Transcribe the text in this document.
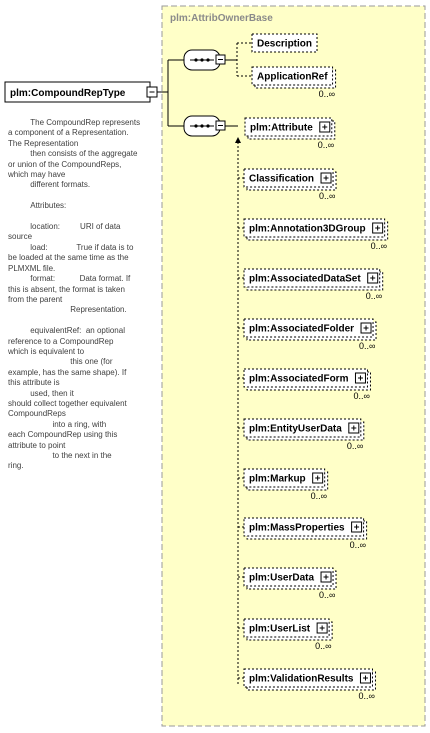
plm:AttribOwnerBase
plm:CompoundRepType
Description
ApplicationRef
0..∞
plm:Attribute
0..∞
Classification
0..∞
plm:Annotation3DGroup
0..∞
plm:AssociatedDataSet
0..∞
plm:AssociatedFolder
0..∞
plm:AssociatedForm
0..∞
plm:EntityUserData
0..∞
plm:Markup
0..∞
plm:MassProperties
0..∞
plm:UserData
0..∞
plm:UserList
0..∞
plm:ValidationResults
0..∞
The CompoundRep represents
a component of a Representation.
The Representation
then consists of the aggregate
or union of the CompoundReps,
which may have
different formats.

Attributes:

location:         URI of data
source
load:             True if data is to
be loaded at the same time as the
PLMXML file.
format:           Data format. If
this is absent, the format is taken
from the parent
Representation.

equivalentRef:  an optional
reference to a CompoundRep
which is equivalent to
this one (for
example, has the same shape). If
this attribute is
used, then it
should collect together equivalent
CompoundReps
into a ring, with
each CompoundRep using this
attribute to point
to the next in the
ring.
